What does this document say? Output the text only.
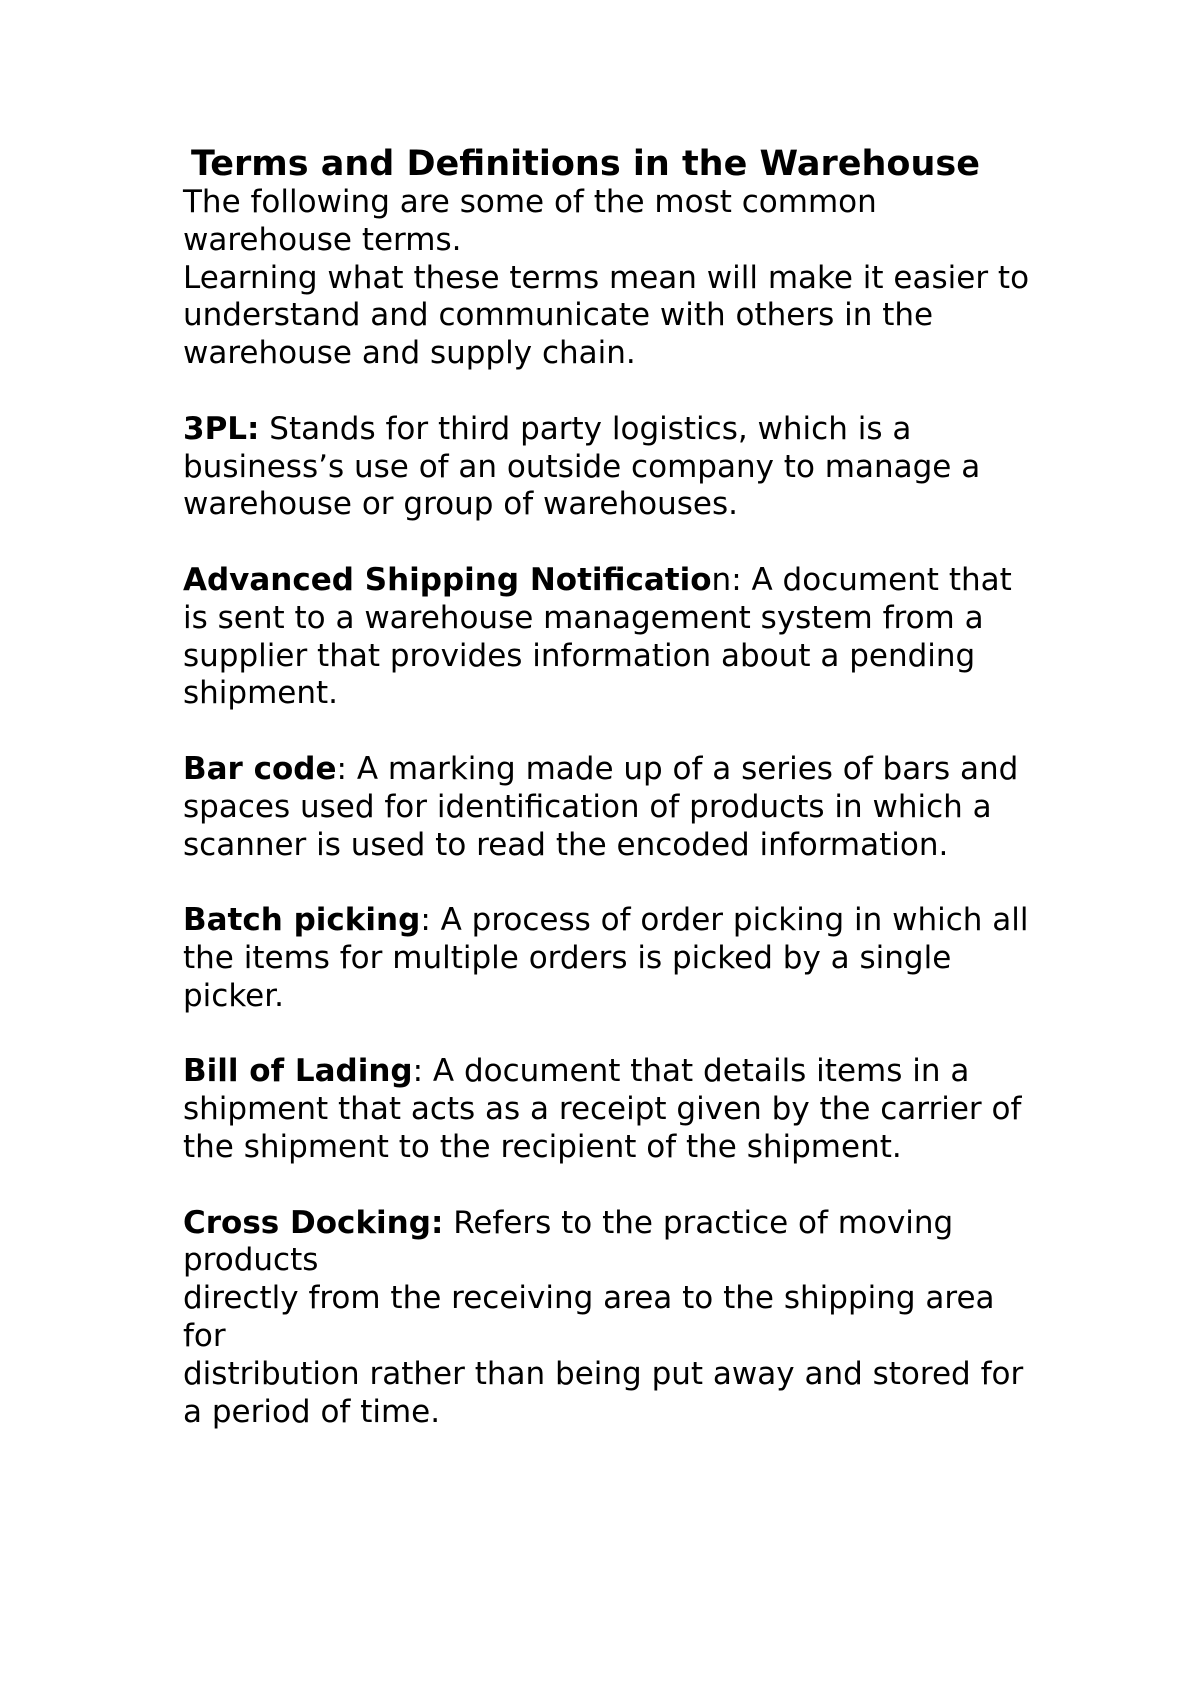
Terms and Definitions in the Warehouse

The following are some of the most common warehouse terms.

Learning what these terms mean will make it easier to understand and communicate with others in the warehouse and supply chain.

3PL: Stands for third party logistics, which is a business’s use of an outside company to manage a warehouse or group of warehouses.
Advanced Shipping Notification: A document that is sent to a warehouse management system from a supplier that provides information about a pending shipment.
Bar code: A marking made up of a series of bars and spaces used for identification of products in which a scanner is used to read the encoded information.
Batch picking: A process of order picking in which all the items for multiple orders is picked by a single picker.
Bill of Lading: A document that details items in a shipment that acts as a receipt given by the carrier of the shipment to the recipient of the shipment.
Cross Docking: Refers to the practice of moving products
directly from the receiving area to the shipping area for
distribution rather than being put away and stored for a period of time.
